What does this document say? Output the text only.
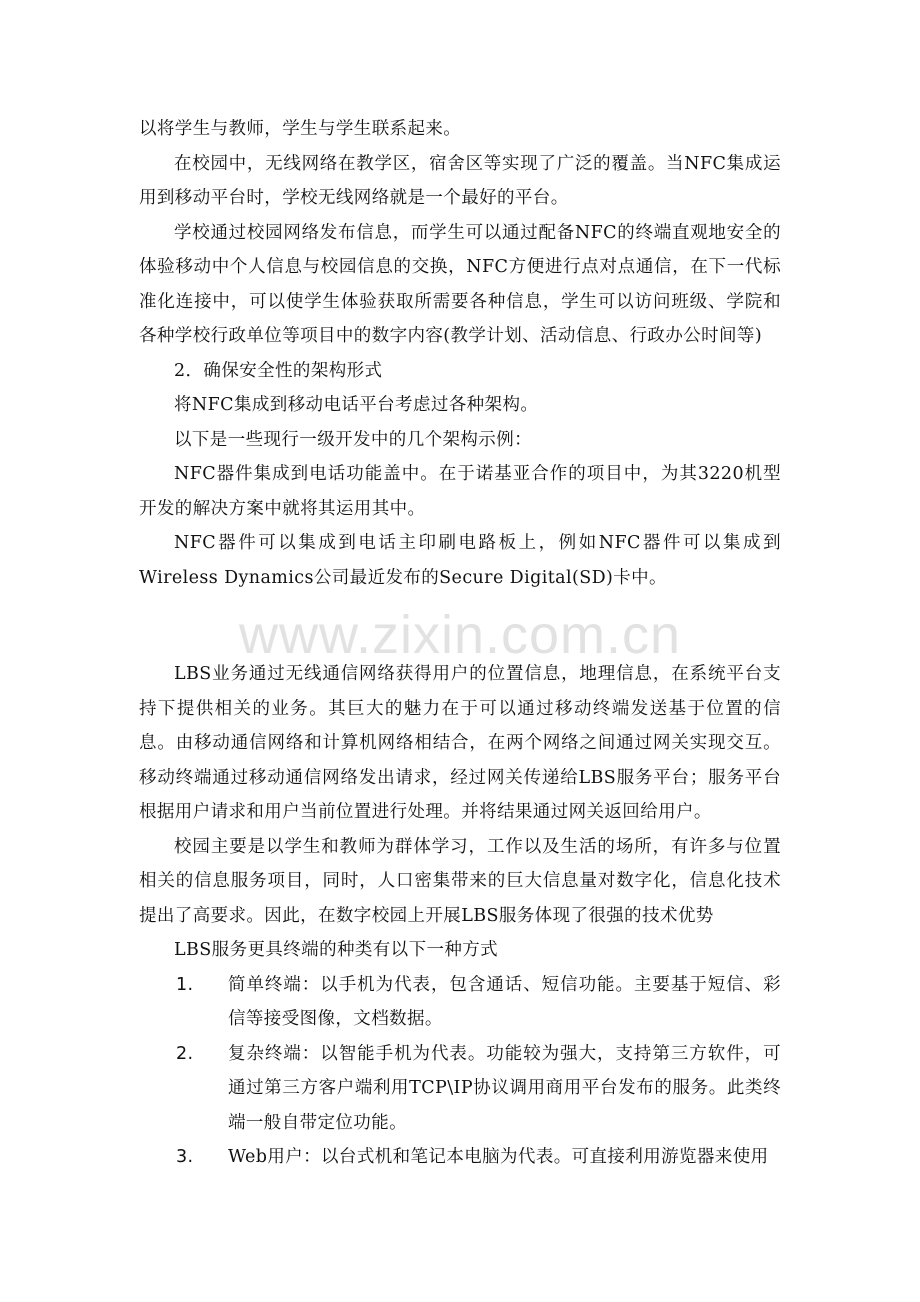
以将学生与教师，学生与学生联系起来。

在校园中，无线网络在教学区，宿舍区等实现了广泛的覆盖。当NFC集成运用到移动平台时，学校无线网络就是一个最好的平台。

学校通过校园网络发布信息，而学生可以通过配备NFC的终端直观地安全的体验移动中个人信息与校园信息的交换，NFC方便进行点对点通信，在下一代标准化连接中，可以使学生体验获取所需要各种信息，学生可以访问班级、学院和各种学校行政单位等项目中的数字内容(教学计划、活动信息、行政办公时间等)

2．确保安全性的架构形式

将NFC集成到移动电话平台考虑过各种架构。

以下是一些现行一级开发中的几个架构示例：

NFC器件集成到电话功能盖中。在于诺基亚合作的项目中，为其3220机型开发的解决方案中就将其运用其中。

NFC器件可以集成到电话主印刷电路板上，例如NFC器件可以集成到Wireless Dynamics公司最近发布的Secure Digital(SD)卡中。

www.zixin.com.cn

LBS业务通过无线通信网络获得用户的位置信息，地理信息，在系统平台支持下提供相关的业务。其巨大的魅力在于可以通过移动终端发送基于位置的信息。由移动通信网络和计算机网络相结合，在两个网络之间通过网关实现交互。移动终端通过移动通信网络发出请求，经过网关传递给LBS服务平台；服务平台根据用户请求和用户当前位置进行处理。并将结果通过网关返回给用户。

校园主要是以学生和教师为群体学习，工作以及生活的场所，有许多与位置相关的信息服务项目，同时，人口密集带来的巨大信息量对数字化，信息化技术提出了高要求。因此，在数字校园上开展LBS服务体现了很强的技术优势

LBS服务更具终端的种类有以下一种方式

1. 简单终端：以手机为代表，包含通话、短信功能。主要基于短信、彩信等接受图像，文档数据。
2. 复杂终端：以智能手机为代表。功能较为强大，支持第三方软件，可通过第三方客户端利用TCP\IP协议调用商用平台发布的服务。此类终端一般自带定位功能。
3. Web用户：以台式机和笔记本电脑为代表。可直接利用游览器来使用
